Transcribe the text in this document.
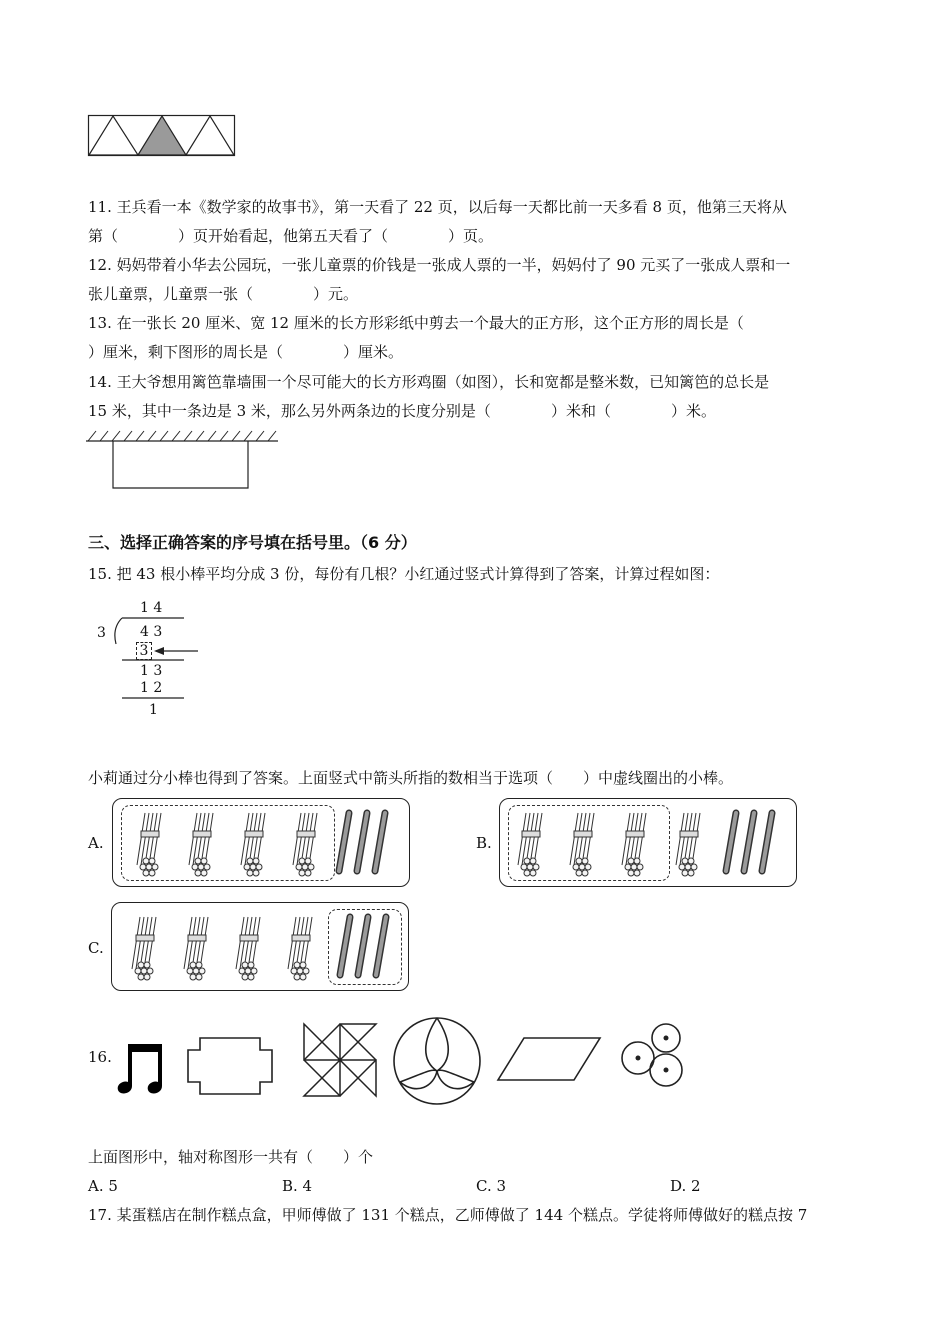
11. 王兵看一本《数学家的故事书》，第一天看了 22 页，以后每一天都比前一天多看 8 页，他第三天将从
第（　　　　）页开始看起，他第五天看了（　　　　）页。
12. 妈妈带着小华去公园玩，一张儿童票的价钱是一张成人票的一半，妈妈付了 90 元买了一张成人票和一
张儿童票，儿童票一张（　　　　）元。
13. 在一张长 20 厘米、宽 12 厘米的长方形彩纸中剪去一个最大的正方形，这个正方形的周长是（
）厘米，剩下图形的周长是（　　　　）厘米。
14. 王大爷想用篱笆靠墙围一个尽可能大的长方形鸡圈（如图），长和宽都是整米数，已知篱笆的总长是
15 米，其中一条边是 3 米，那么另外两条边的长度分别是（　　　　）米和（　　　　）米。
三、选择正确答案的序号填在括号里。（6 分）
15. 把 43 根小棒平均分成 3 份，每份有几根？小红通过竖式计算得到了答案，计算过程如图：
1 4
3 4 3
3
1 3
1 2
1
小莉通过分小棒也得到了答案。上面竖式中箭头所指的数相当于选项（　　）中虚线圈出的小棒。
A.	B.
C.
16.
上面图形中，轴对称图形一共有（　　）个
A. 5	B. 4	C. 3	D. 2
17. 某蛋糕店在制作糕点盒，甲师傅做了 131 个糕点，乙师傅做了 144 个糕点。学徒将师傅做好的糕点按 7
